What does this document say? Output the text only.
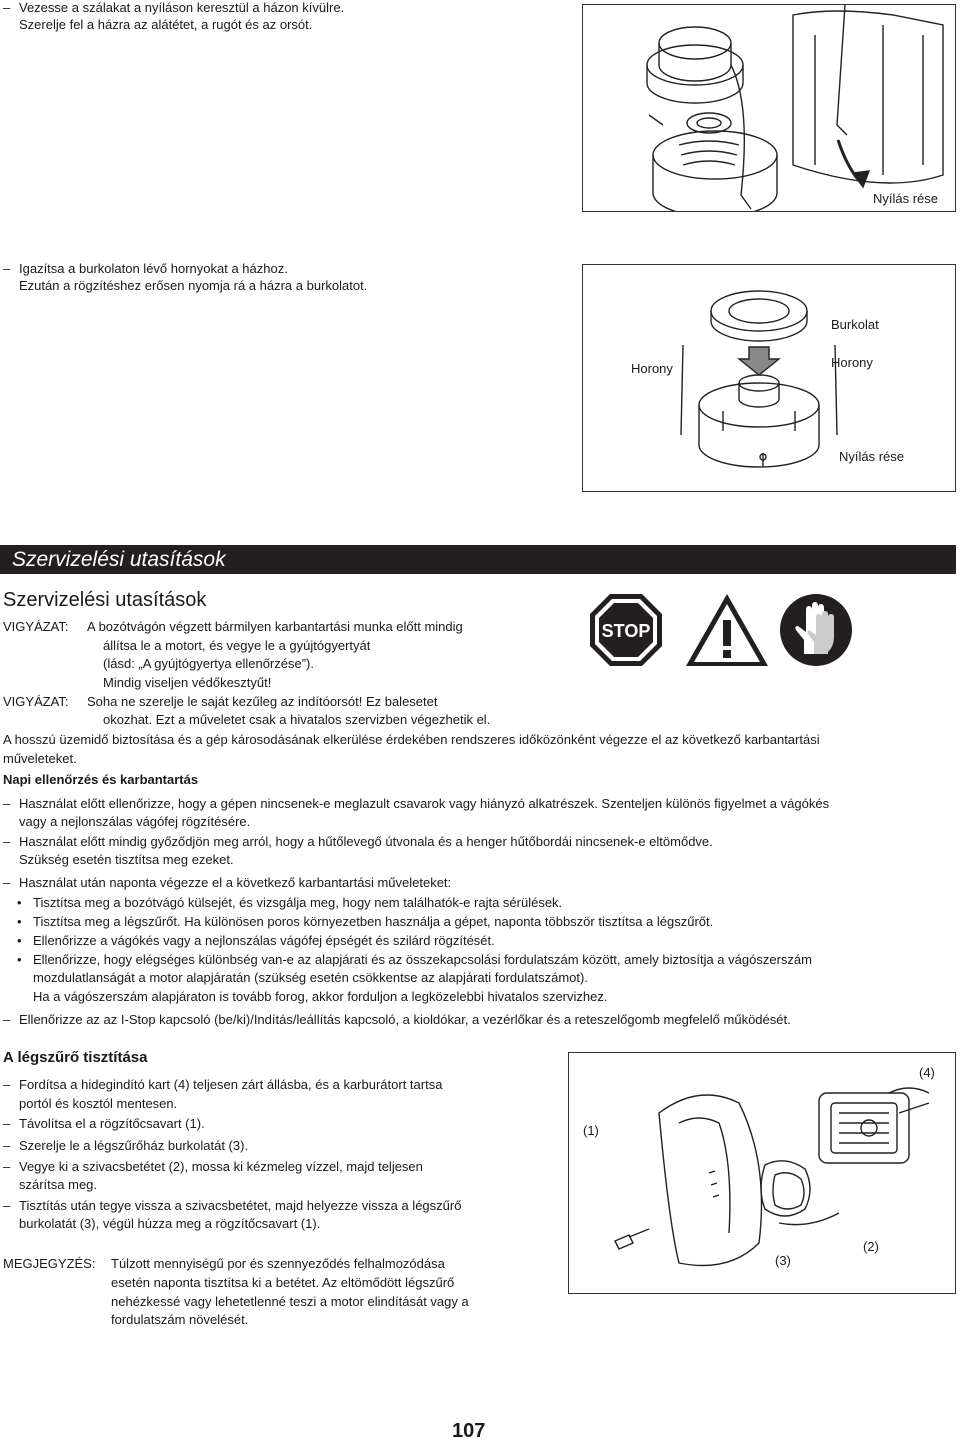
– Vezesse a szálakat a nyíláson keresztül a házon kívülre.
Szerelje fel a házra az alátétet, a rugót és az orsót.
Nyílás rése
– Igazítsa a burkolaton lévő hornyokat a házhoz.
Ezután a rögzítéshez erősen nyomja rá a házra a burkolatot.
Burkolat
Horony	Horony
Nyílás rése
Szervizelési utasítások
Szervizelési utasítások
VIGYÁZAT: A bozótvágón végzett bármilyen karbantartási munka előtt mindig
állítsa le a motort, és vegye le a gyújtógyertyát
(lásd: „A gyújtógyertya ellenőrzése”).
Mindig viseljen védőkesztyűt!
VIGYÁZAT: Soha ne szerelje le saját kezűleg az indítóorsót! Ez balesetet
okozhat. Ezt a műveletet csak a hivatalos szervizben végezhetik el.
STOP
A hosszú üzemidő biztosítása és a gép károsodásának elkerülése érdekében rendszeres időközönként végezze el az következő karbantartási
műveleteket.
Napi ellenőrzés és karbantartás
– Használat előtt ellenőrizze, hogy a gépen nincsenek-e meglazult csavarok vagy hiányzó alkatrészek. Szenteljen különös figyelmet a vágókés
vagy a nejlonszálas vágófej rögzítésére.
– Használat előtt mindig győződjön meg arról, hogy a hűtőlevegő útvonala és a henger hűtőbordái nincsenek-e eltömődve.
Szükség esetén tisztítsa meg ezeket.
– Használat után naponta végezze el a következő karbantartási műveleteket:
• Tisztítsa meg a bozótvágó külsejét, és vizsgálja meg, hogy nem találhatók-e rajta sérülések.
• Tisztítsa meg a légszűrőt. Ha különösen poros környezetben használja a gépet, naponta többször tisztítsa a légszűrőt.
• Ellenőrizze a vágókés vagy a nejlonszálas vágófej épségét és szilárd rögzítését.
• Ellenőrizze, hogy elégséges különbség van-e az alapjárati és az összekapcsolási fordulatszám között, amely biztosítja a vágószerszám
mozdulatlanságát a motor alapjáratán (szükség esetén csökkentse az alapjárati fordulatszámot).
Ha a vágószerszám alapjáraton is tovább forog, akkor forduljon a legközelebbi hivatalos szervizhez.
– Ellenőrizze az az I-Stop kapcsoló (be/ki)/Indítás/leállítás kapcsoló, a kioldókar, a vezérlőkar és a reteszelőgomb megfelelő működését.
A légszűrő tisztítása
– Fordítsa a hidegindító kart (4) teljesen zárt állásba, és a karburátort tartsa
portól és kosztól mentesen.
– Távolítsa el a rögzítőcsavart (1).
– Szerelje le a légszűrőház burkolatát (3).
– Vegye ki a szivacsbetétet (2), mossa ki kézmeleg vízzel, majd teljesen
szárítsa meg.
– Tisztítás után tegye vissza a szivacsbetétet, majd helyezze vissza a légszűrő
burkolatát (3), végül húzza meg a rögzítőcsavart (1).
MEGJEGYZÉS: Túlzott mennyiségű por és szennyeződés felhalmozódása
esetén naponta tisztítsa ki a betétet. Az eltömődött légszűrő
nehézkessé vagy lehetetlenné teszi a motor elindítását vagy a
fordulatszám növelését.
(1)
(4)
(2)
(3)
107
